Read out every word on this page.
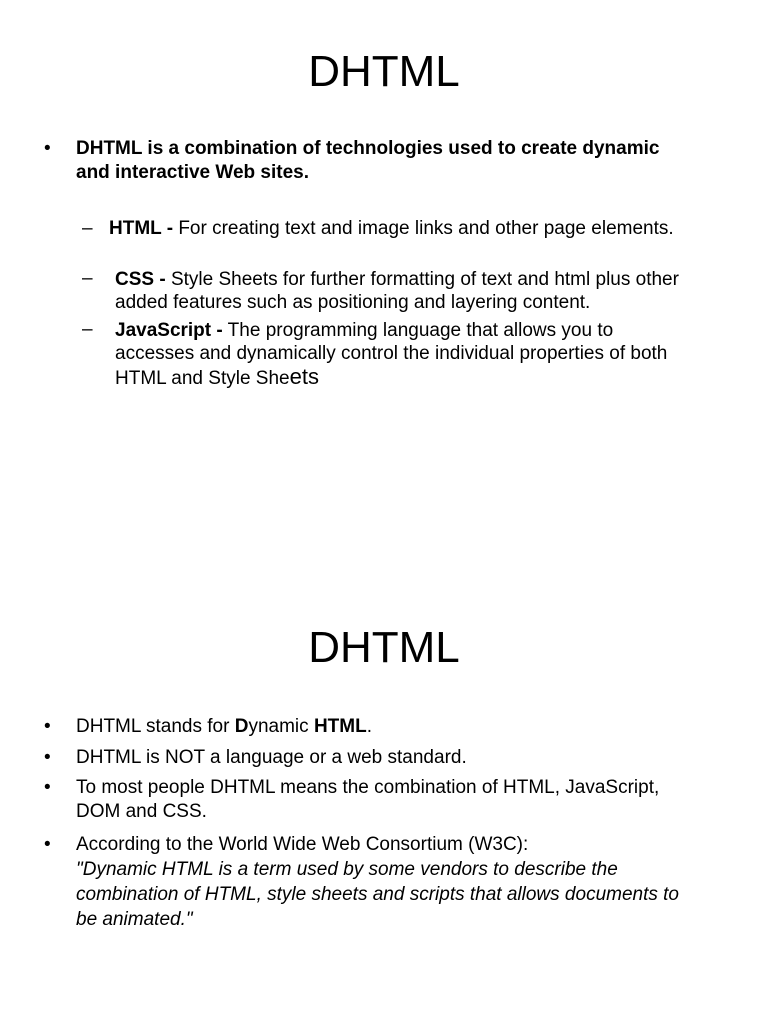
DHTML
• DHTML is a combination of technologies used to create dynamic and interactive Web sites.
– HTML - For creating text and image links and other page elements.
– CSS - Style Sheets for further formatting of text and html plus other added features such as positioning and layering content.
– JavaScript - The programming language that allows you to accesses and dynamically control the individual properties of both HTML and Style Sheets
DHTML
• DHTML stands for Dynamic HTML.
• DHTML is NOT a language or a web standard.
• To most people DHTML means the combination of HTML, JavaScript, DOM and CSS.
• According to the World Wide Web Consortium (W3C):
"Dynamic HTML is a term used by some vendors to describe the combination of HTML, style sheets and scripts that allows documents to be animated."
